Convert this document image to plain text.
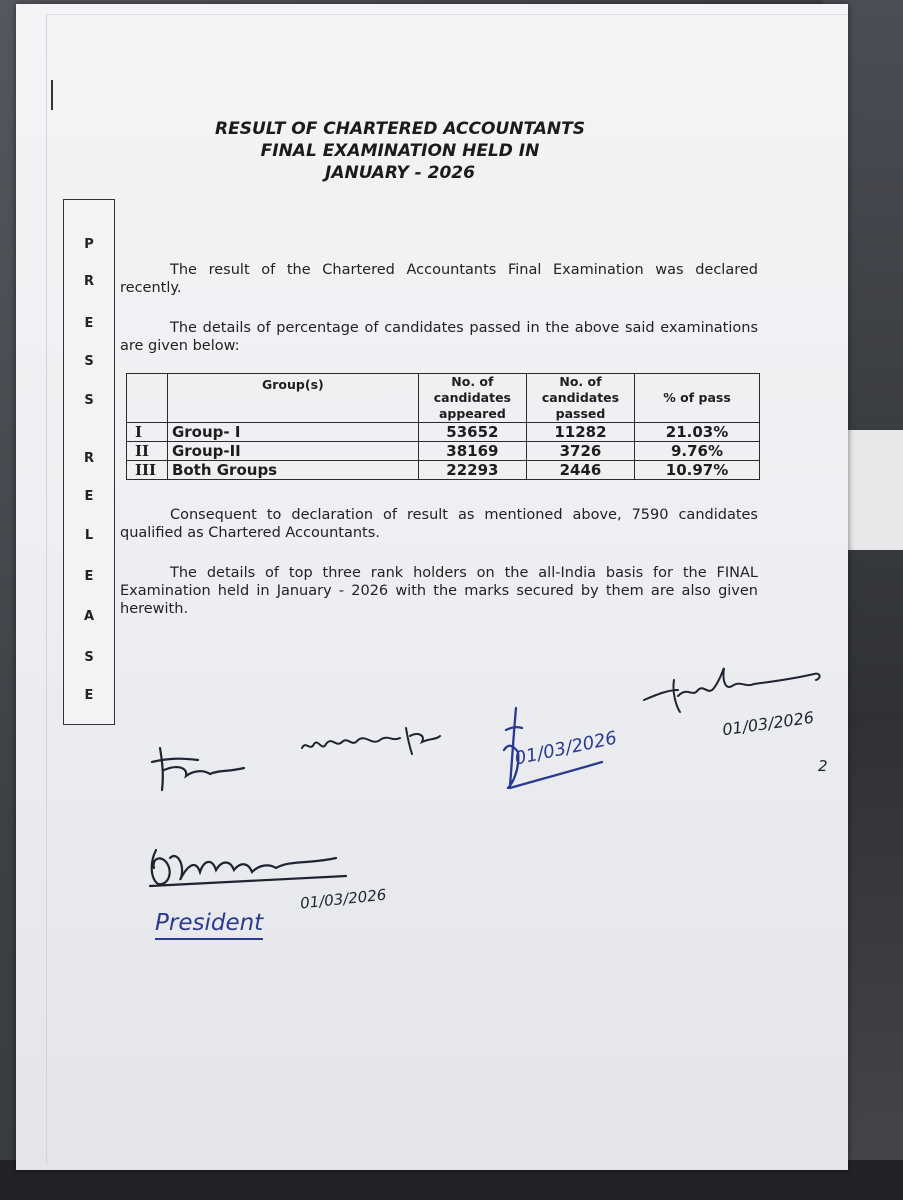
RESULT OF CHARTERED ACCOUNTANTS
FINAL EXAMINATION HELD IN
JANUARY - 2026
P
R
E
S
S
R
E
L
E
A
S
E
The result of the Chartered Accountants Final Examination was declared recently.
The details of percentage of candidates passed in the above said examinations are given below:
	Group(s)	No. of candidates appeared	No. of candidates passed	% of pass
I	Group- I	53652	11282	21.03%
II	Group-II	38169	3726	9.76%
III	Both Groups	22293	2446	10.97%
Consequent to declaration of result as mentioned above, 7590 candidates qualified as Chartered Accountants.
The details of top three rank holders on the all-India basis for the FINAL Examination held in January - 2026 with the marks secured by them are also given herewith.
01/03/2026
01/03/2026
2
01/03/2026
President
